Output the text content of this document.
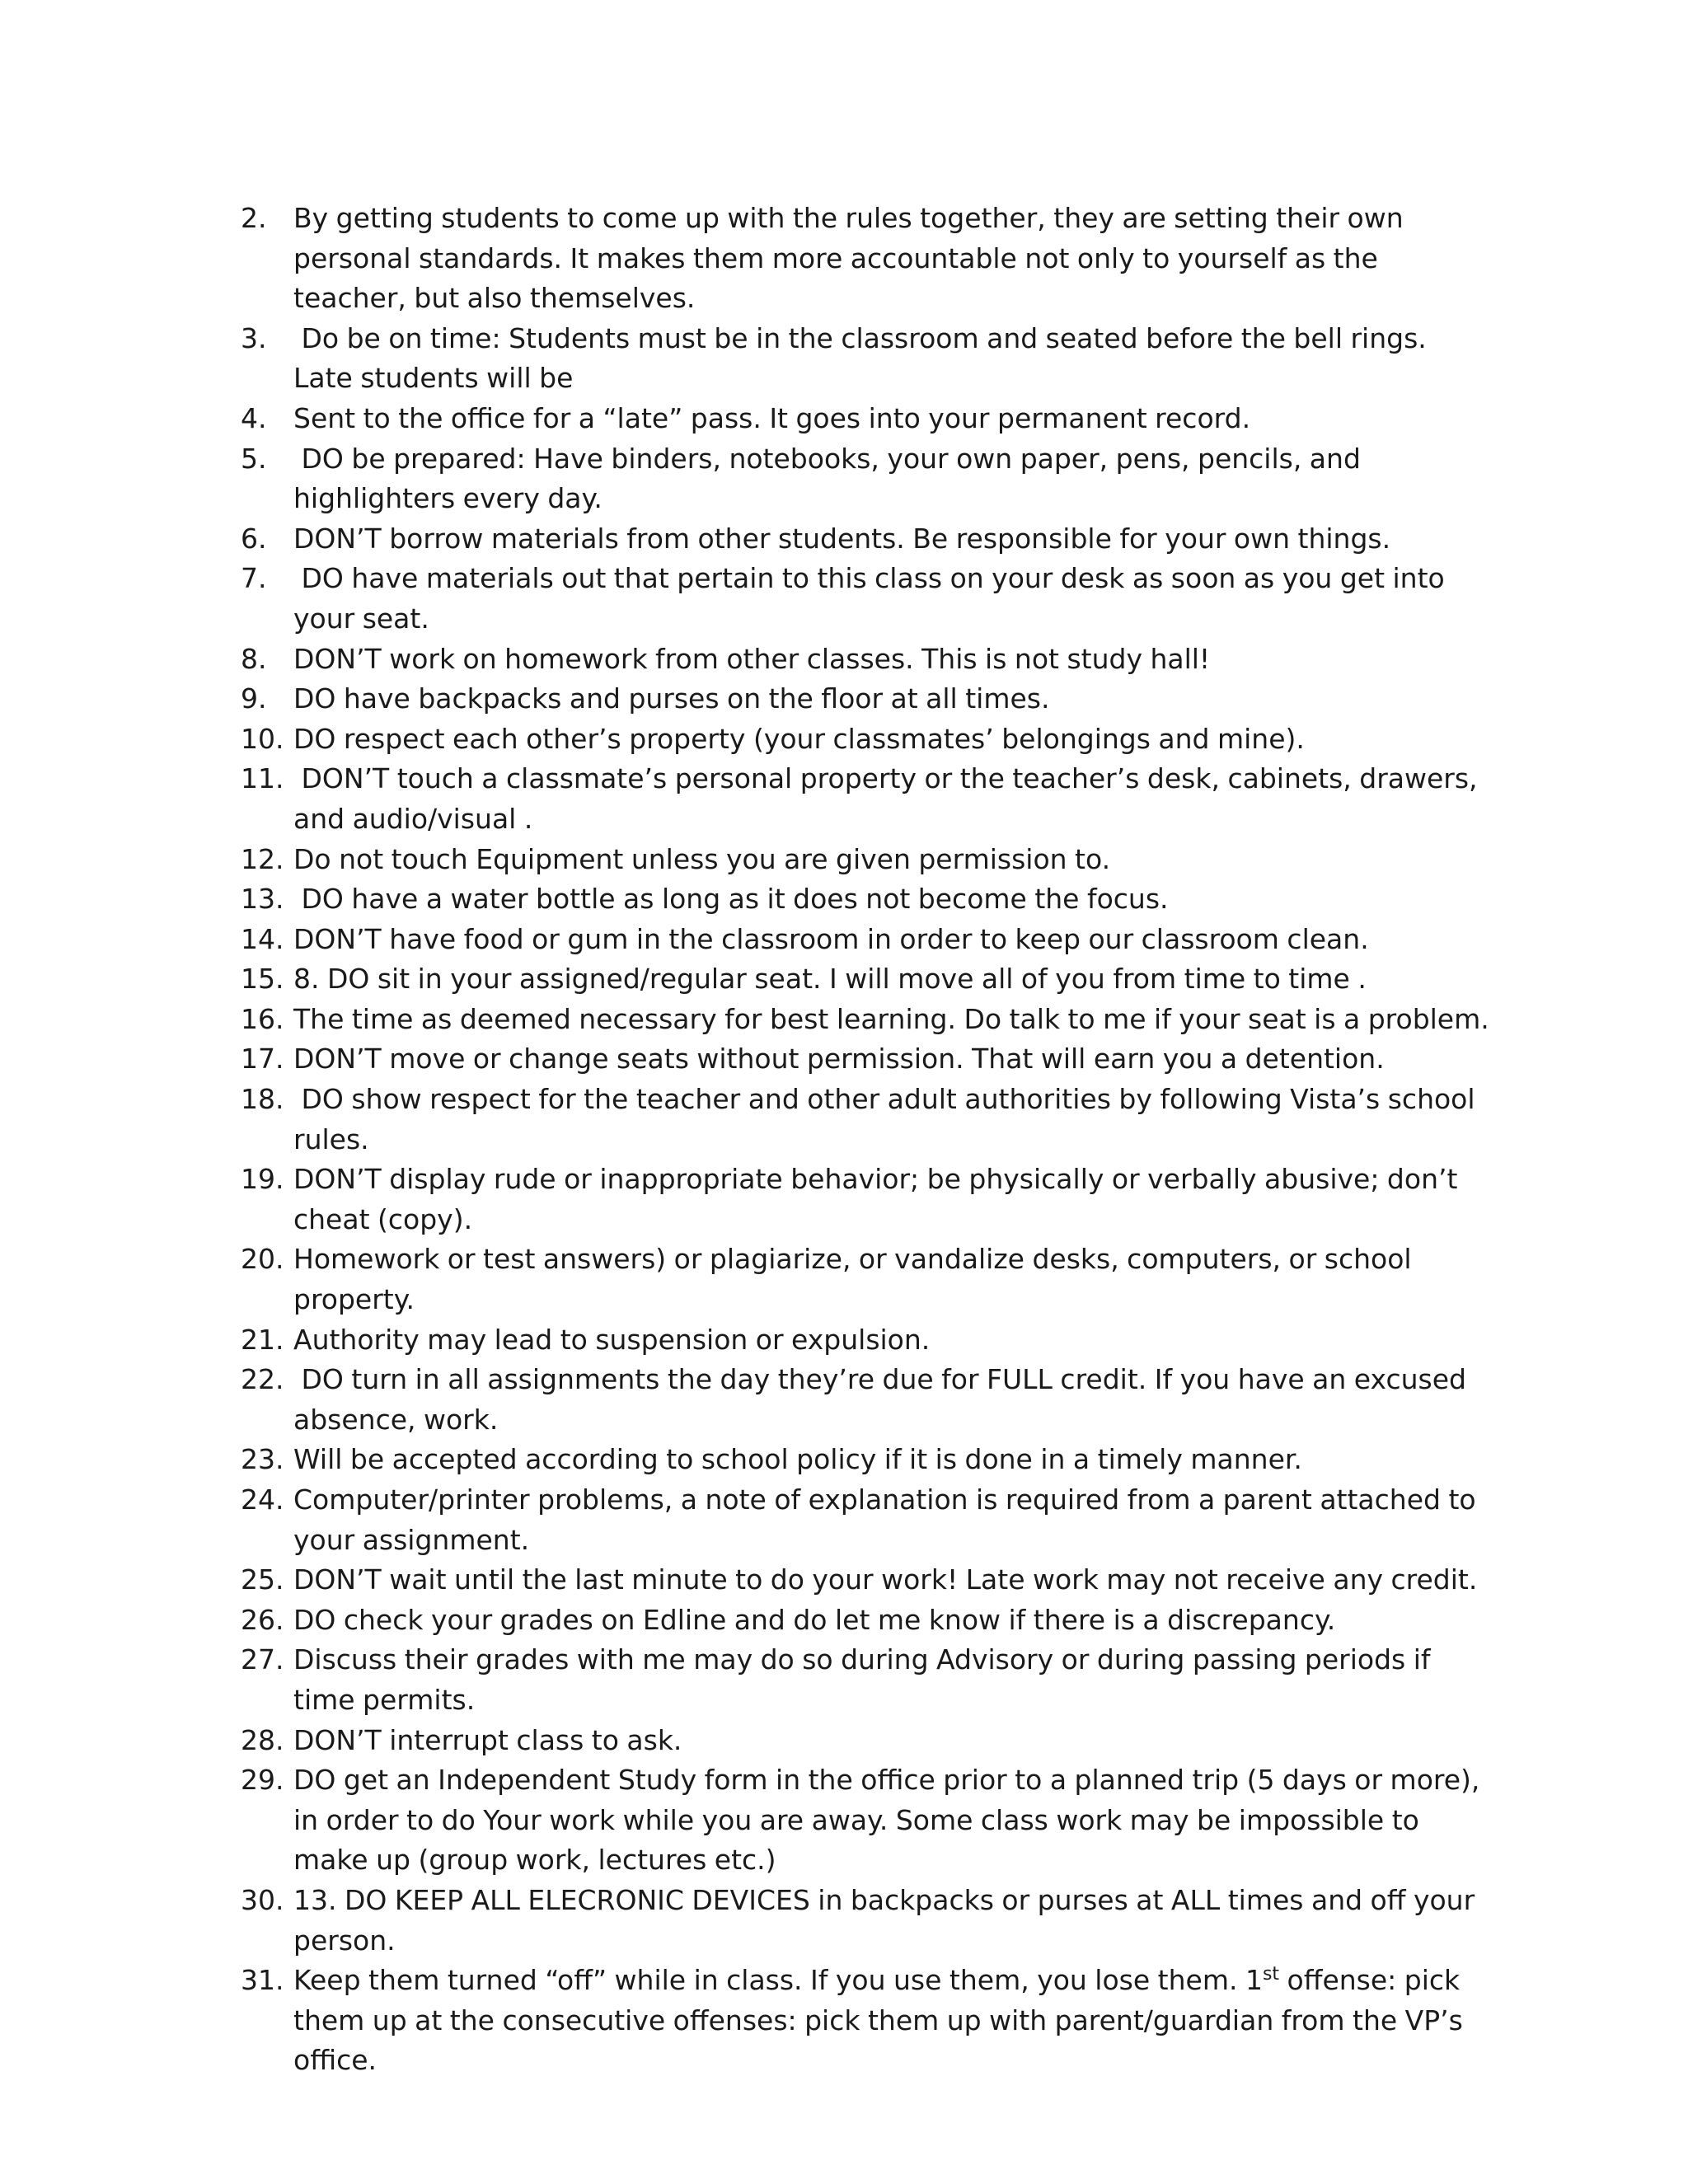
2. By getting students to come up with the rules together, they are setting their own personal standards. It makes them more accountable not only to yourself as the teacher, but also themselves.
3. Do be on time: Students must be in the classroom and seated before the bell rings. Late students will be
4. Sent to the office for a “late” pass. It goes into your permanent record.
5. DO be prepared: Have binders, notebooks, your own paper, pens, pencils, and highlighters every day.
6. DON’T borrow materials from other students. Be responsible for your own things.
7. DO have materials out that pertain to this class on your desk as soon as you get into your seat.
8. DON’T work on homework from other classes. This is not study hall!
9. DO have backpacks and purses on the floor at all times.
10. DO respect each other’s property (your classmates’ belongings and mine).
11. DON’T touch a classmate’s personal property or the teacher’s desk, cabinets, drawers, and audio/visual .
12. Do not touch Equipment unless you are given permission to.
13. DO have a water bottle as long as it does not become the focus.
14. DON’T have food or gum in the classroom in order to keep our classroom clean.
15. 8. DO sit in your assigned/regular seat. I will move all of you from time to time .
16. The time as deemed necessary for best learning. Do talk to me if your seat is a problem.
17. DON’T move or change seats without permission. That will earn you a detention.
18. DO show respect for the teacher and other adult authorities by following Vista’s school rules.
19. DON’T display rude or inappropriate behavior; be physically or verbally abusive; don’t cheat (copy).
20. Homework or test answers) or plagiarize, or vandalize desks, computers, or school property.
21. Authority may lead to suspension or expulsion.
22. DO turn in all assignments the day they’re due for FULL credit. If you have an excused absence, work.
23. Will be accepted according to school policy if it is done in a timely manner.
24. Computer/printer problems, a note of explanation is required from a parent attached to your assignment.
25. DON’T wait until the last minute to do your work! Late work may not receive any credit.
26. DO check your grades on Edline and do let me know if there is a discrepancy.
27. Discuss their grades with me may do so during Advisory or during passing periods if time permits.
28. DON’T interrupt class to ask.
29. DO get an Independent Study form in the office prior to a planned trip (5 days or more), in order to do Your work while you are away. Some class work may be impossible to make up (group work, lectures etc.)
30. 13. DO KEEP ALL ELECRONIC DEVICES in backpacks or purses at ALL times and off your person.
31. Keep them turned “off” while in class. If you use them, you lose them. 1st offense: pick them up at the consecutive offenses: pick them up with parent/guardian from the VP’s office.
